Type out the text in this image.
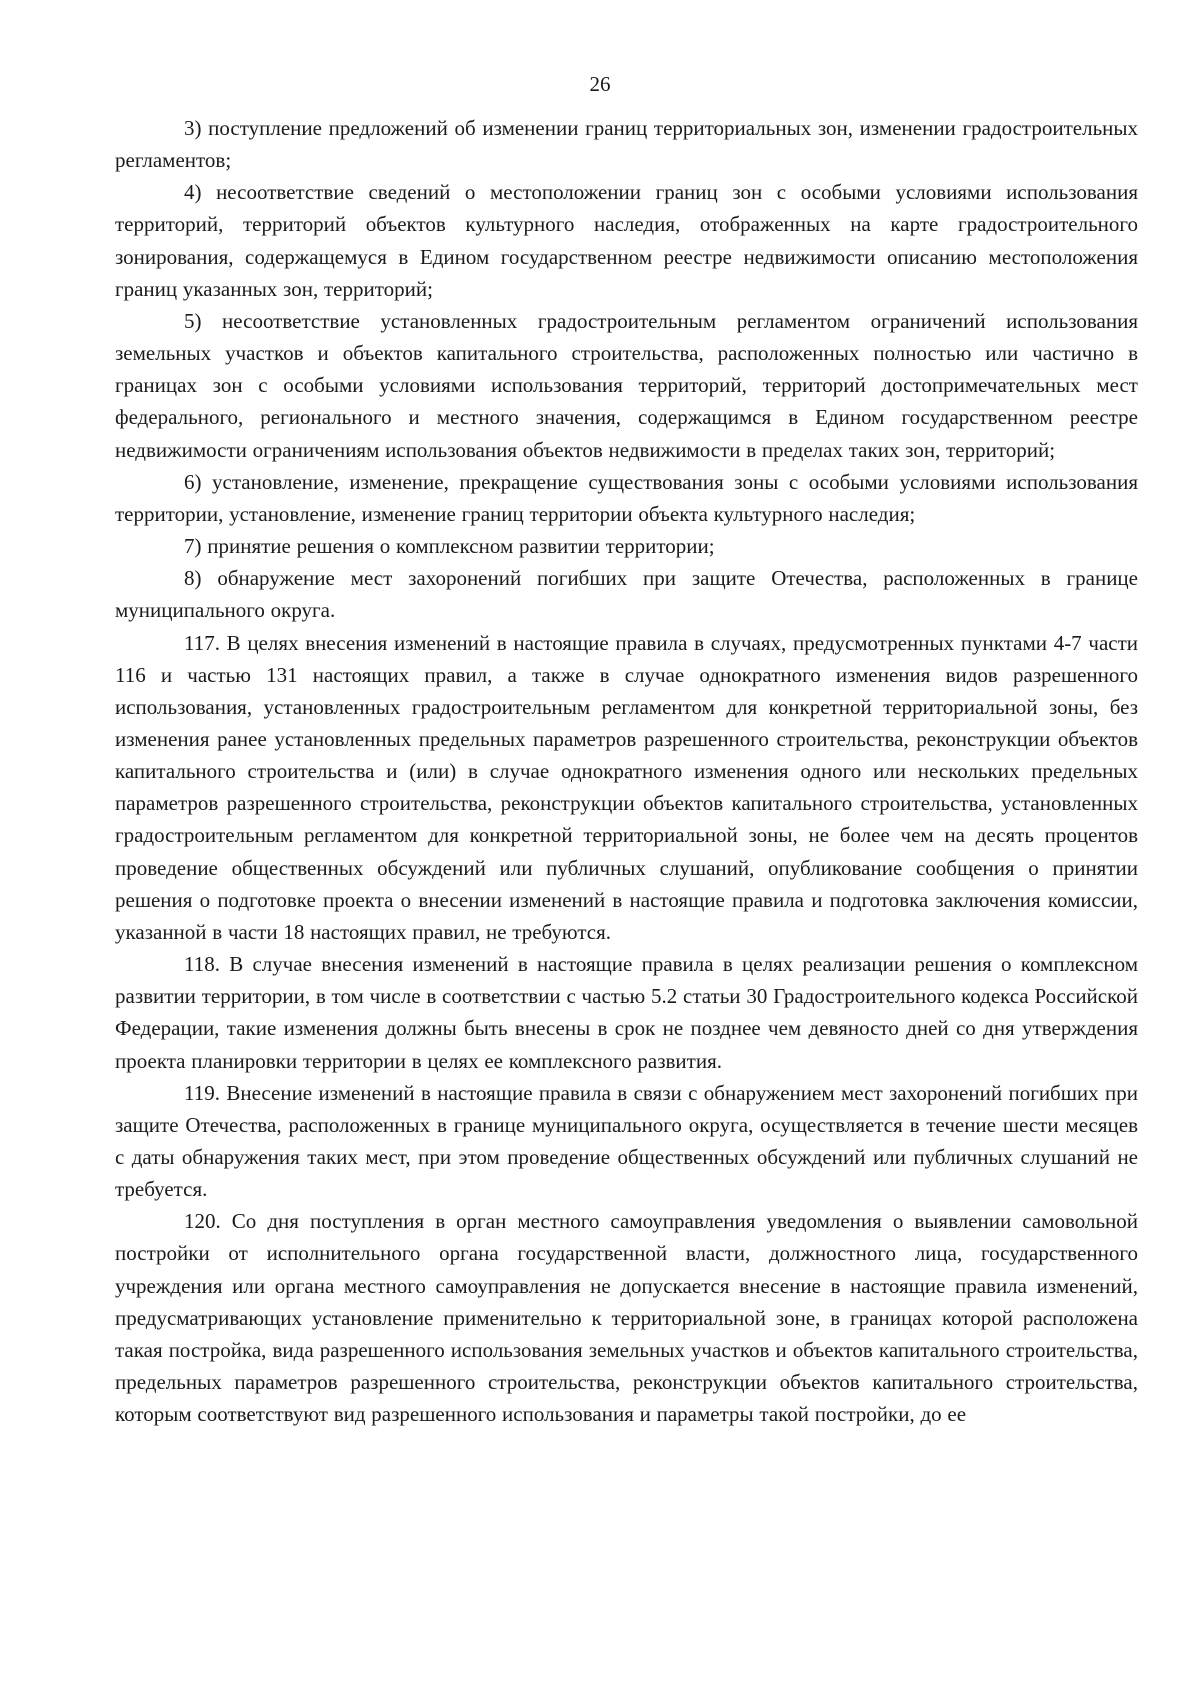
26

3) поступление предложений об изменении границ территориальных зон, изменении градостроительных регламентов;

4) несоответствие сведений о местоположении границ зон с особыми условиями использования территорий, территорий объектов культурного наследия, отображенных на карте градостроительного зонирования, содержащемуся в Едином государственном реестре недвижимости описанию местоположения границ указанных зон, территорий;

5) несоответствие установленных градостроительным регламентом ограничений использования земельных участков и объектов капитального строительства, расположенных полностью или частично в границах зон с особыми условиями использования территорий, территорий достопримечательных мест федерального, регионального и местного значения, содержащимся в Едином государственном реестре недвижимости ограничениям использования объектов недвижимости в пределах таких зон, территорий;

6) установление, изменение, прекращение существования зоны с особыми условиями использования территории, установление, изменение границ территории объекта культурного наследия;

7) принятие решения о комплексном развитии территории;

8) обнаружение мест захоронений погибших при защите Отечества, расположенных в границе муниципального округа.

117. В целях внесения изменений в настоящие правила в случаях, предусмотренных пунктами 4-7 части 116 и частью 131 настоящих правил, а также в случае однократного изменения видов разрешенного использования, установленных градостроительным регламентом для конкретной территориальной зоны, без изменения ранее установленных предельных параметров разрешенного строительства, реконструкции объектов капитального строительства и (или) в случае однократного изменения одного или нескольких предельных параметров разрешенного строительства, реконструкции объектов капитального строительства, установленных градостроительным регламентом для конкретной территориальной зоны, не более чем на десять процентов проведение общественных обсуждений или публичных слушаний, опубликование сообщения о принятии решения о подготовке проекта о внесении изменений в настоящие правила и подготовка заключения комиссии, указанной в части 18 настоящих правил, не требуются.

118. В случае внесения изменений в настоящие правила в целях реализации решения о комплексном развитии территории, в том числе в соответствии с частью 5.2 статьи 30 Градостроительного кодекса Российской Федерации, такие изменения должны быть внесены в срок не позднее чем девяносто дней со дня утверждения проекта планировки территории в целях ее комплексного развития.

119. Внесение изменений в настоящие правила в связи с обнаружением мест захоронений погибших при защите Отечества, расположенных в границе муниципального округа, осуществляется в течение шести месяцев с даты обнаружения таких мест, при этом проведение общественных обсуждений или публичных слушаний не требуется.

120. Со дня поступления в орган местного самоуправления уведомления о выявлении самовольной постройки от исполнительного органа государственной власти, должностного лица, государственного учреждения или органа местного самоуправления не допускается внесение в настоящие правила изменений, предусматривающих установление применительно к территориальной зоне, в границах которой расположена такая постройка, вида разрешенного использования земельных участков и объектов капитального строительства, предельных параметров разрешенного строительства, реконструкции объектов капитального строительства, которым соответствуют вид разрешенного использования и параметры такой постройки, до ее
